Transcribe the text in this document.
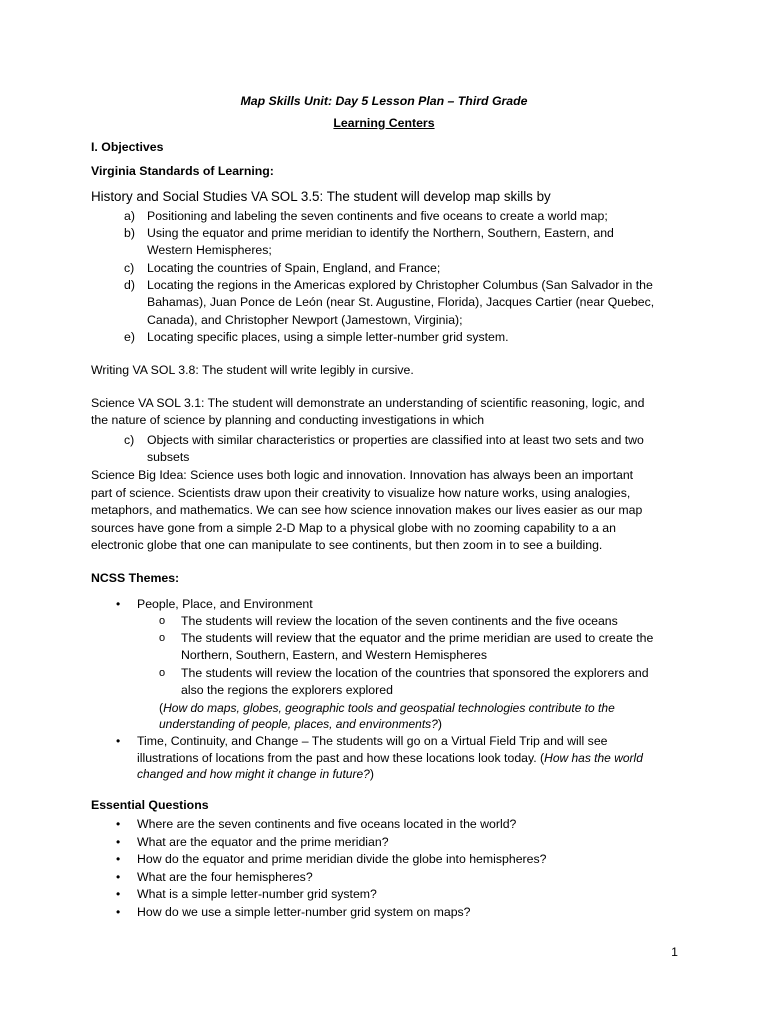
Map Skills Unit: Day 5 Lesson Plan – Third Grade
Learning Centers
I. Objectives
Virginia Standards of Learning:
History and Social Studies VA SOL 3.5: The student will develop map skills by
a) Positioning and labeling the seven continents and five oceans to create a world map;
b) Using the equator and prime meridian to identify the Northern, Southern, Eastern, and
Western Hemispheres;
c) Locating the countries of Spain, England, and France;
d) Locating the regions in the Americas explored by Christopher Columbus (San Salvador in the
Bahamas), Juan Ponce de León (near St. Augustine, Florida), Jacques Cartier (near Quebec,
Canada), and Christopher Newport (Jamestown, Virginia);
e) Locating specific places, using a simple letter-number grid system.
Writing VA SOL 3.8: The student will write legibly in cursive.
Science VA SOL 3.1: The student will demonstrate an understanding of scientific reasoning, logic, and
the nature of science by planning and conducting investigations in which
c) Objects with similar characteristics or properties are classified into at least two sets and two
subsets
Science Big Idea: Science uses both logic and innovation. Innovation has always been an important
part of science. Scientists draw upon their creativity to visualize how nature works, using analogies,
metaphors, and mathematics. We can see how science innovation makes our lives easier as our map
sources have gone from a simple 2-D Map to a physical globe with no zooming capability to a an
electronic globe that one can manipulate to see continents, but then zoom in to see a building.
NCSS Themes:
• People, Place, and Environment
o The students will review the location of the seven continents and the five oceans
o The students will review that the equator and the prime meridian are used to create the
Northern, Southern, Eastern, and Western Hemispheres
o The students will review the location of the countries that sponsored the explorers and
also the regions the explorers explored
(How do maps, globes, geographic tools and geospatial technologies contribute to the
understanding of people, places, and environments?)
• Time, Continuity, and Change – The students will go on a Virtual Field Trip and will see
illustrations of locations from the past and how these locations look today. (How has the world
changed and how might it change in future?)
Essential Questions
• Where are the seven continents and five oceans located in the world?
• What are the equator and the prime meridian?
• How do the equator and prime meridian divide the globe into hemispheres?
• What are the four hemispheres?
• What is a simple letter-number grid system?
• How do we use a simple letter-number grid system on maps?
1
